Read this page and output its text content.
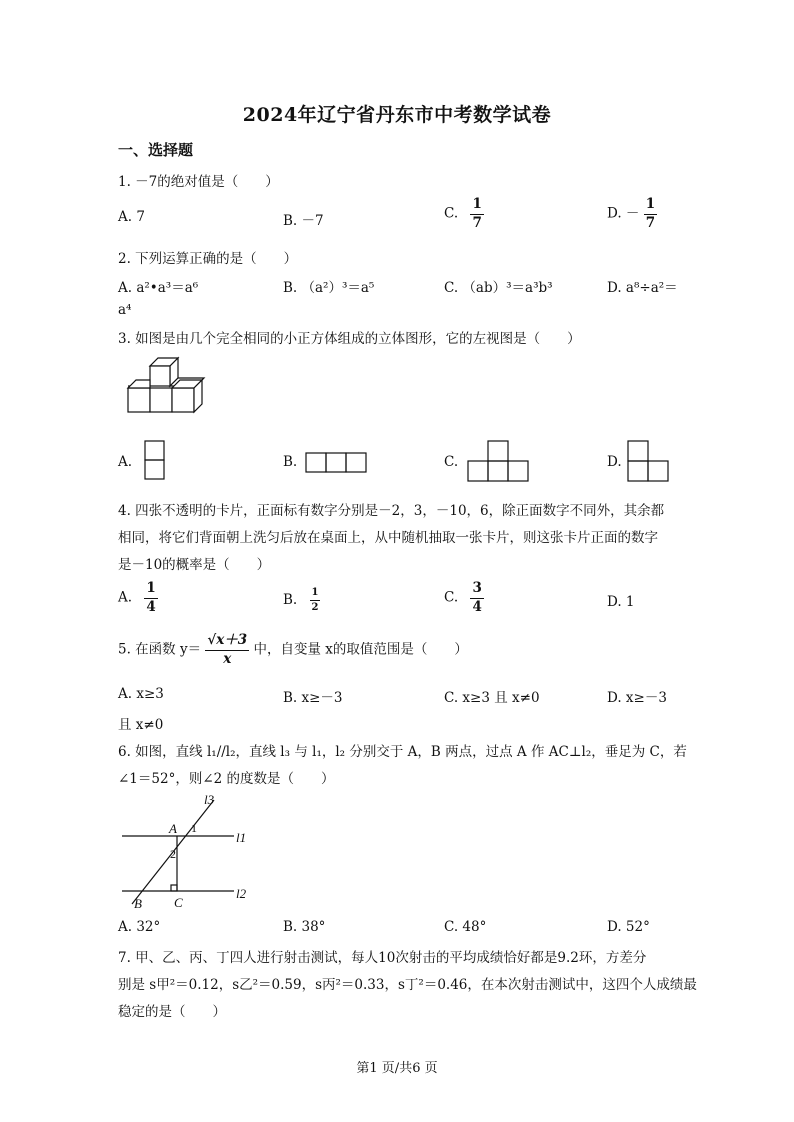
2024年辽宁省丹东市中考数学试卷
一、选择题
1. －7的绝对值是（　　）
A. 7	B. －7	C. $\frac{1}{7}$	D. － $\frac{1}{7}$
2. 下列运算正确的是（　　）
A. a²•a³＝a⁶	B. （a²）³＝a⁵	C. （ab）³＝a³b³	D. a⁸÷a²＝
a⁴
3. 如图是由几个完全相同的小正方体组成的立体图形，它的左视图是（　　）
A.	B.	C.	D.
4. 四张不透明的卡片，正面标有数字分别是－2，3，－10，6，除正面数字不同外，其余都
相同，将它们背面朝上洗匀后放在桌面上，从中随机抽取一张卡片，则这张卡片正面的数字
是－10的概率是（　　）
A. $\frac{1}{4}$	B. $\frac{1}{2}$	C. $\frac{3}{4}$	D. 1
5. 在函数 $y= \frac{√x+3}{x}$ 中，自变量 x的取值范围是（　　）
A. x≥3	B. x≥－3	C. x≥3 且 x≠0	D. x≥－3
且 x≠0
6. 如图，直线 l₁//l₂，直线 l₃ 与 l₁，l₂ 分别交于 A，B 两点，过点 A 作 AC⊥l₂，垂足为 C，若
∠1＝52°，则∠2 的度数是（　　）
l3
l1
l2
A
B C
1
2
A. 32°	B. 38°	C. 48°	D. 52°
7. 甲、乙、丙、丁四人进行射击测试，每人10次射击的平均成绩恰好都是9.2环，方差分
别是 s甲²＝0.12，s乙²＝0.59，s丙²＝0.33，s丁²＝0.46，在本次射击测试中，这四个人成绩最
稳定的是（　　）
第1 页/共6 页
